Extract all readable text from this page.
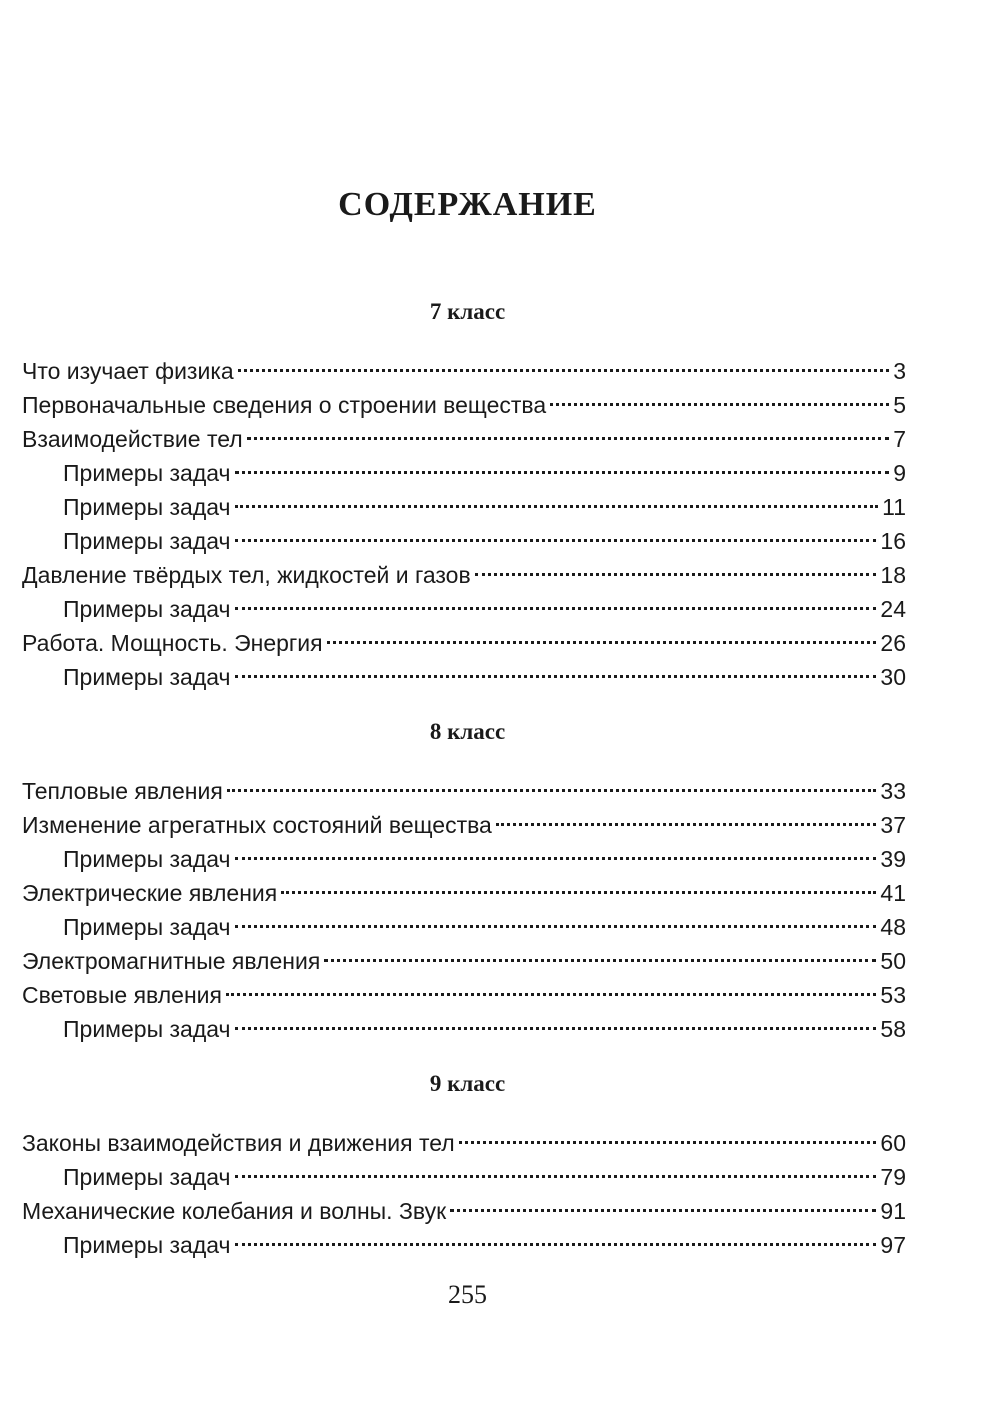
СОДЕРЖАНИЕ
7 класс
Что изучает физика	3
Первоначальные сведения о строении вещества	5
Взаимодействие тел	7
Примеры задач	9
Примеры задач	11
Примеры задач	16
Давление твёрдых тел, жидкостей и газов	18
Примеры задач	24
Работа. Мощность. Энергия	26
Примеры задач	30
8 класс
Тепловые явления	33
Изменение агрегатных состояний вещества	37
Примеры задач	39
Электрические явления	41
Примеры задач	48
Электромагнитные явления	50
Световые явления	53
Примеры задач	58
9 класс
Законы взаимодействия и движения тел	60
Примеры задач	79
Механические колебания и волны. Звук	91
Примеры задач	97
255
